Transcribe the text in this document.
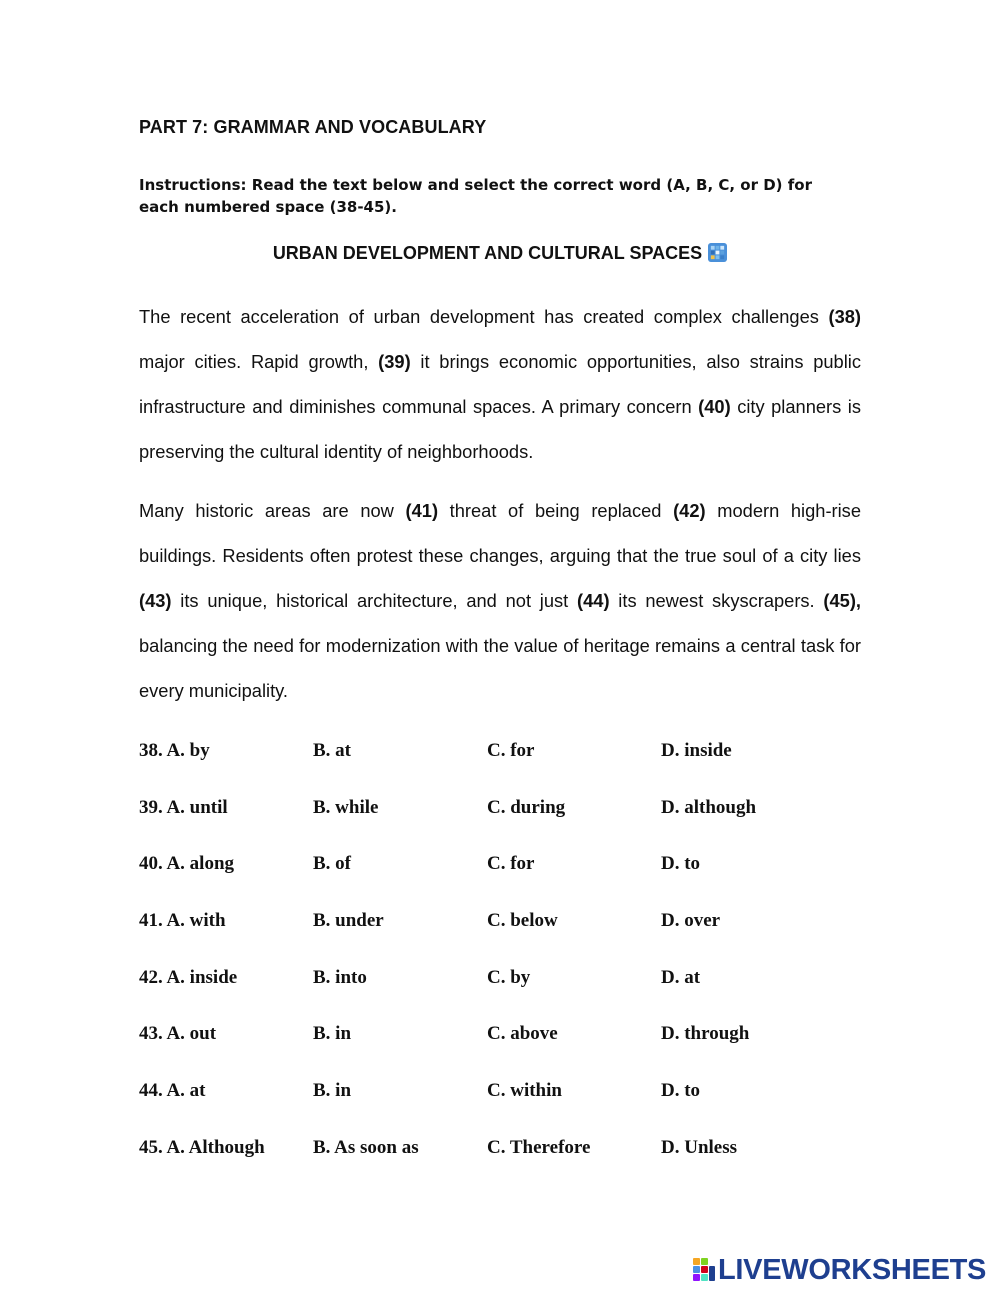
PART 7: GRAMMAR AND VOCABULARY
Instructions: Read the text below and select the correct word (A, B, C, or D) for each numbered space (38-45).
URBAN DEVELOPMENT AND CULTURAL SPACES

The recent acceleration of urban development has created complex challenges (38) major cities. Rapid growth, (39) it brings economic opportunities, also strains public infrastructure and diminishes communal spaces. A primary concern (40) city planners is preserving the cultural identity of neighborhoods.

Many historic areas are now (41) threat of being replaced (42) modern high-rise buildings. Residents often protest these changes, arguing that the true soul of a city lies (43) its unique, historical architecture, and not just (44) its newest skyscrapers. (45), balancing the need for modernization with the value of heritage remains a central task for every municipality.

38. A. by	B. at	C. for	D. inside
39. A. until	B. while	C. during	D. although
40. A. along	B. of	C. for	D. to
41. A. with	B. under	C. below	D. over
42. A. inside	B. into	C. by	D. at
43. A. out	B. in	C. above	D. through
44. A. at	B. in	C. within	D. to
45. A. Although	B. As soon as	C. Therefore	D. Unless
LIVEWORKSHEETS
